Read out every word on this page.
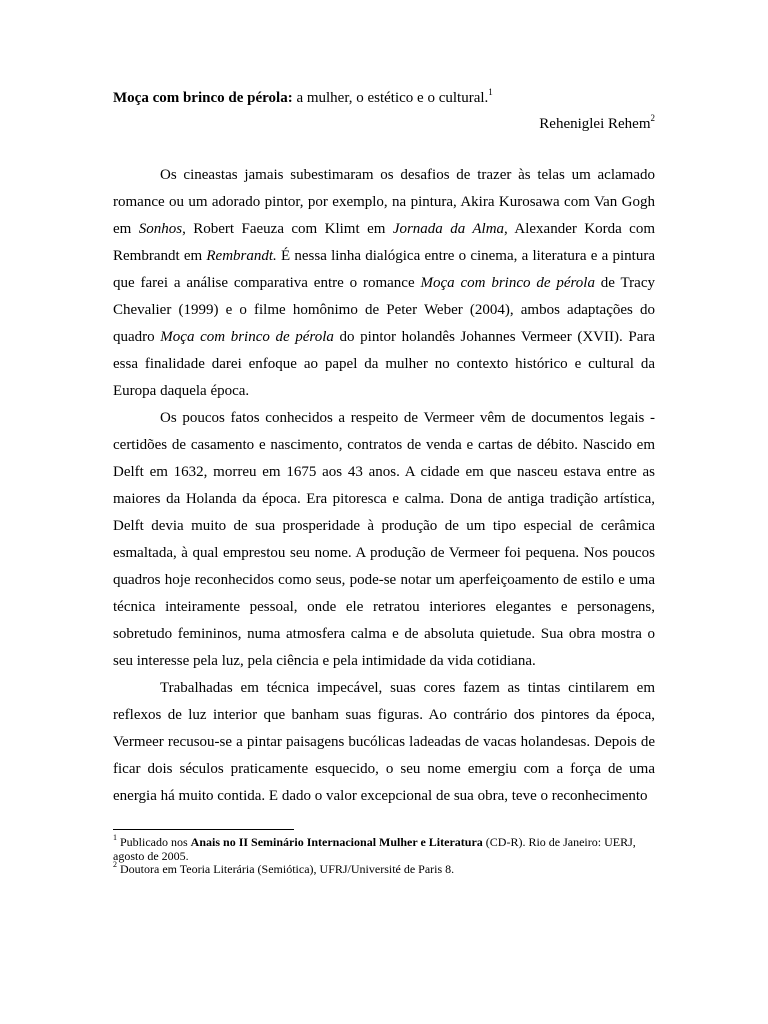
Moça com brinco de pérola: a mulher, o estético e o cultural.$^1$
Reheniglei Rehem$^2$

Os cineastas jamais subestimaram os desafios de trazer às telas um aclamado romance ou um adorado pintor, por exemplo, na pintura, Akira Kurosawa com Van Gogh em Sonhos, Robert Faeuza com Klimt em Jornada da Alma, Alexander Korda com Rembrandt em Rembrandt. É nessa linha dialógica entre o cinema, a literatura e a pintura que farei a análise comparativa entre o romance Moça com brinco de pérola de Tracy Chevalier (1999) e o filme homônimo de Peter Weber (2004), ambos adaptações do quadro Moça com brinco de pérola do pintor holandês Johannes Vermeer (XVII). Para essa finalidade darei enfoque ao papel da mulher no contexto histórico e cultural da Europa daquela época.

Os poucos fatos conhecidos a respeito de Vermeer vêm de documentos legais - certidões de casamento e nascimento, contratos de venda e cartas de débito. Nascido em Delft em 1632, morreu em 1675 aos 43 anos. A cidade em que nasceu estava entre as maiores da Holanda da época. Era pitoresca e calma. Dona de antiga tradição artística, Delft devia muito de sua prosperidade à produção de um tipo especial de cerâmica esmaltada, à qual emprestou seu nome. A produção de Vermeer foi pequena. Nos poucos quadros hoje reconhecidos como seus, pode-se notar um aperfeiçoamento de estilo e uma técnica inteiramente pessoal, onde ele retratou interiores elegantes e personagens, sobretudo femininos, numa atmosfera calma e de absoluta quietude. Sua obra mostra o seu interesse pela luz, pela ciência e pela intimidade da vida cotidiana.

Trabalhadas em técnica impecável, suas cores fazem as tintas cintilarem em reflexos de luz interior que banham suas figuras. Ao contrário dos pintores da época, Vermeer recusou-se a pintar paisagens bucólicas ladeadas de vacas holandesas. Depois de ficar dois séculos praticamente esquecido, o seu nome emergiu com a força de uma energia há muito contida. E dado o valor excepcional de sua obra, teve o reconhecimento

$^1$ Publicado nos Anais no II Seminário Internacional Mulher e Literatura (CD-R). Rio de Janeiro: UERJ, agosto de 2005.

$^2$ Doutora em Teoria Literária (Semiótica), UFRJ/Université de Paris 8.
